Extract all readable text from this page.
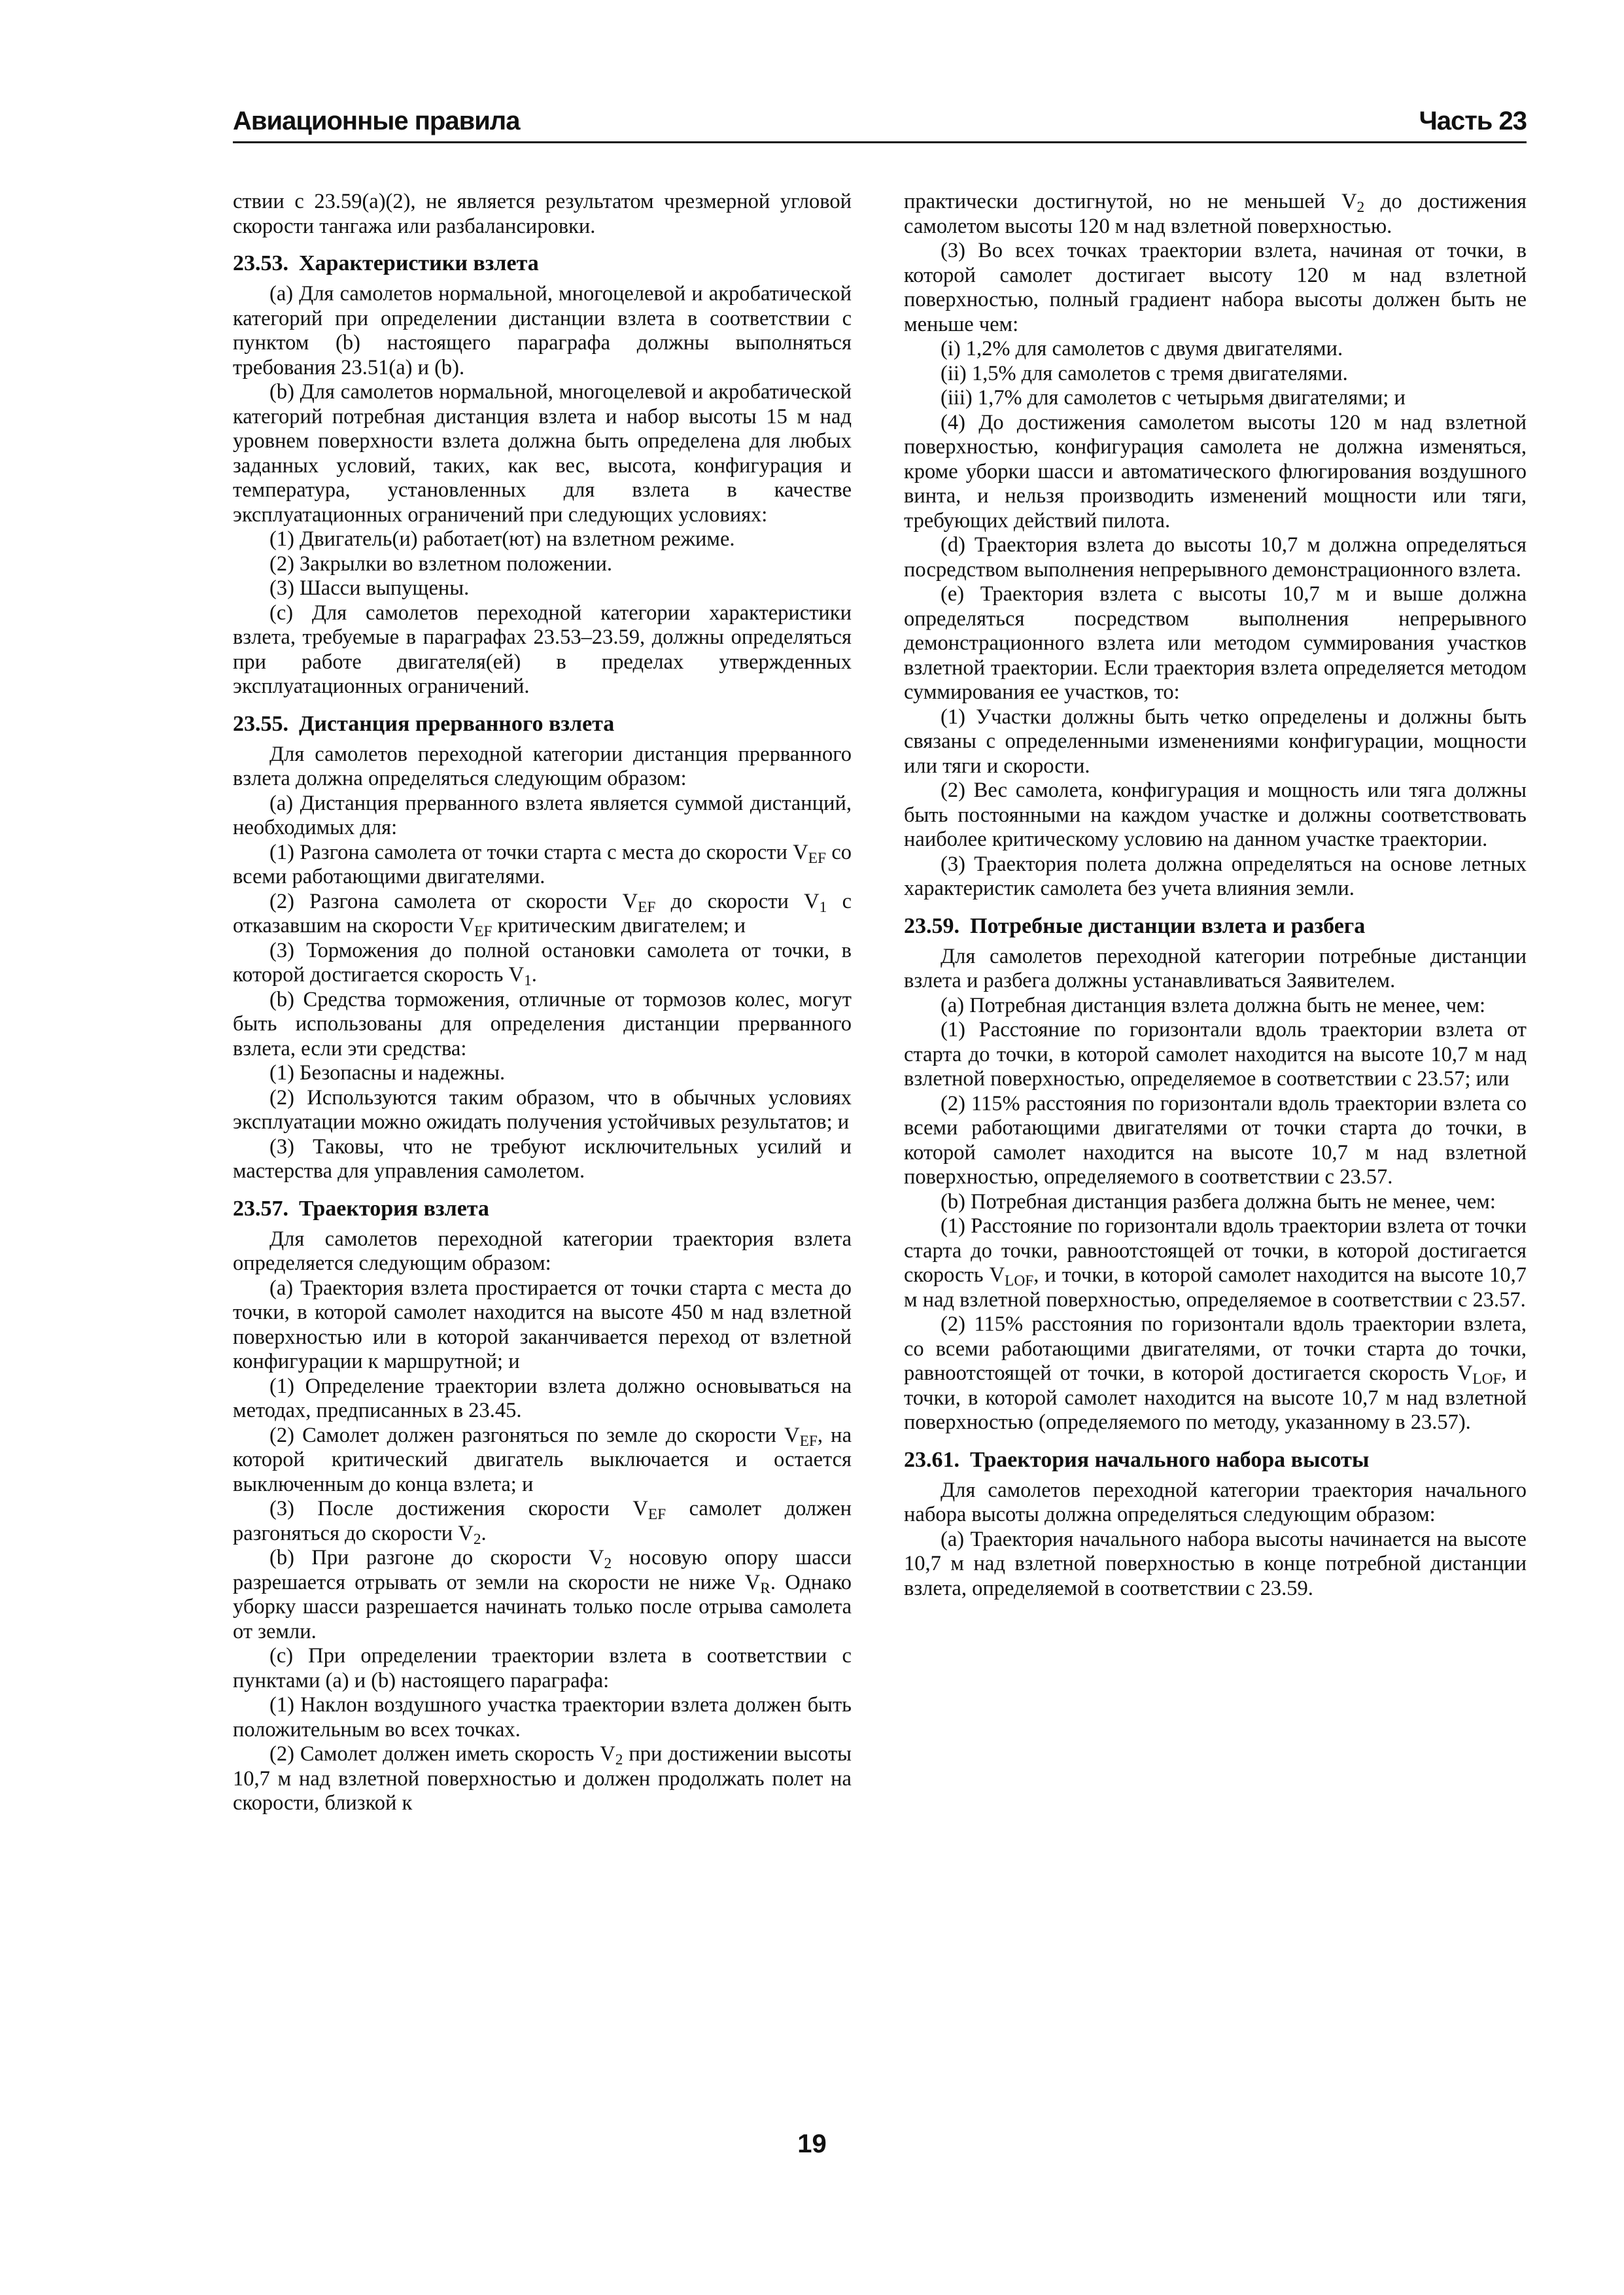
Авиационные правила	Часть 23

ствии с 23.59(a)(2), не является результатом чрезмерной угловой скорости тангажа или разбалансировки.

23.53. Характеристики взлета

(a) Для самолетов нормальной, многоцелевой и акробатической категорий при определении дистанции взлета в соответствии с пунктом (b) настоящего параграфа должны выполняться требования 23.51(a) и (b).

(b) Для самолетов нормальной, многоцелевой и акробатической категорий потребная дистанция взлета и набор высоты 15 м над уровнем поверхности взлета должна быть определена для любых заданных условий, таких, как вес, высота, конфигурация и температура, установленных для взлета в качестве эксплуатационных ограничений при следующих условиях:

(1) Двигатель(и) работает(ют) на взлетном режиме.

(2) Закрылки во взлетном положении.

(3) Шасси выпущены.

(c) Для самолетов переходной категории характеристики взлета, требуемые в параграфах 23.53–23.59, должны определяться при работе двигателя(ей) в пределах утвержденных эксплуатационных ограничений.

23.55. Дистанция прерванного взлета

Для самолетов переходной категории дистанция прерванного взлета должна определяться следующим образом:

(a) Дистанция прерванного взлета является суммой дистанций, необходимых для:

(1) Разгона самолета от точки старта с места до скорости $V_{EF}$ со всеми работающими двигателями.

(2) Разгона самолета от скорости $V_{EF}$ до скорости $V_1$ с отказавшим на скорости $V_{EF}$ критическим двигателем; и

(3) Торможения до полной остановки самолета от точки, в которой достигается скорость $V_1$.

(b) Средства торможения, отличные от тормозов колес, могут быть использованы для определения дистанции прерванного взлета, если эти средства:

(1) Безопасны и надежны.

(2) Используются таким образом, что в обычных условиях эксплуатации можно ожидать получения устойчивых результатов; и

(3) Таковы, что не требуют исключительных усилий и мастерства для управления самолетом.

23.57. Траектория взлета

Для самолетов переходной категории траектория взлета определяется следующим образом:

(a) Траектория взлета простирается от точки старта с места до точки, в которой самолет находится на высоте 450 м над взлетной поверхностью или в которой заканчивается переход от взлетной конфигурации к маршрутной; и

(1) Определение траектории взлета должно основываться на методах, предписанных в 23.45.

(2) Самолет должен разгоняться по земле до скорости $V_{EF}$, на которой критический двигатель выключается и остается выключенным до конца взлета; и

(3) После достижения скорости $V_{EF}$ самолет должен разгоняться до скорости $V_2$.

(b) При разгоне до скорости $V_2$ носовую опору шасси разрешается отрывать от земли на скорости не ниже $V_R$. Однако уборку шасси разрешается начинать только после отрыва самолета от земли.

(c) При определении траектории взлета в соответствии с пунктами (a) и (b) настоящего параграфа:

(1) Наклон воздушного участка траектории взлета должен быть положительным во всех точках.

(2) Самолет должен иметь скорость $V_2$ при достижении высоты 10,7 м над взлетной поверхностью и должен продолжать полет на скорости, близкой к

практически достигнутой, но не меньшей $V_2$ до достижения самолетом высоты 120 м над взлетной поверхностью.

(3) Во всех точках траектории взлета, начиная от точки, в которой самолет достигает высоту 120 м над взлетной поверхностью, полный градиент набора высоты должен быть не меньше чем:

(i) 1,2% для самолетов с двумя двигателями.

(ii) 1,5% для самолетов с тремя двигателями.

(iii) 1,7% для самолетов с четырьмя двигателями; и

(4) До достижения самолетом высоты 120 м над взлетной поверхностью, конфигурация самолета не должна изменяться, кроме уборки шасси и автоматического флюгирования воздушного винта, и нельзя производить изменений мощности или тяги, требующих действий пилота.

(d) Траектория взлета до высоты 10,7 м должна определяться посредством выполнения непрерывного демонстрационного взлета.

(e) Траектория взлета с высоты 10,7 м и выше должна определяться посредством выполнения непрерывного демонстрационного взлета или методом суммирования участков взлетной траектории. Если траектория взлета определяется методом суммирования ее участков, то:

(1) Участки должны быть четко определены и должны быть связаны с определенными изменениями конфигурации, мощности или тяги и скорости.

(2) Вес самолета, конфигурация и мощность или тяга должны быть постоянными на каждом участке и должны соответствовать наиболее критическому условию на данном участке траектории.

(3) Траектория полета должна определяться на основе летных характеристик самолета без учета влияния земли.

23.59. Потребные дистанции взлета и разбега

Для самолетов переходной категории потребные дистанции взлета и разбега должны устанавливаться Заявителем.

(a) Потребная дистанция взлета должна быть не менее, чем:

(1) Расстояние по горизонтали вдоль траектории взлета от старта до точки, в которой самолет находится на высоте 10,7 м над взлетной поверхностью, определяемое в соответствии с 23.57; или

(2) 115% расстояния по горизонтали вдоль траектории взлета со всеми работающими двигателями от точки старта до точки, в которой самолет находится на высоте 10,7 м над взлетной поверхностью, определяемого в соответствии с 23.57.

(b) Потребная дистанция разбега должна быть не менее, чем:

(1) Расстояние по горизонтали вдоль траектории взлета от точки старта до точки, равноотстоящей от точки, в которой достигается скорость $V_{LOF}$, и точки, в которой самолет находится на высоте 10,7 м над взлетной поверхностью, определяемое в соответствии с 23.57.

(2) 115% расстояния по горизонтали вдоль траектории взлета, со всеми работающими двигателями, от точки старта до точки, равноотстоящей от точки, в которой достигается скорость $V_{LOF}$, и точки, в которой самолет находится на высоте 10,7 м над взлетной поверхностью (определяемого по методу, указанному в 23.57).

23.61. Траектория начального набора высоты

Для самолетов переходной категории траектория начального набора высоты должна определяться следующим образом:

(a) Траектория начального набора высоты начинается на высоте 10,7 м над взлетной поверхностью в конце потребной дистанции взлета, определяемой в соответствии с 23.59.

19
